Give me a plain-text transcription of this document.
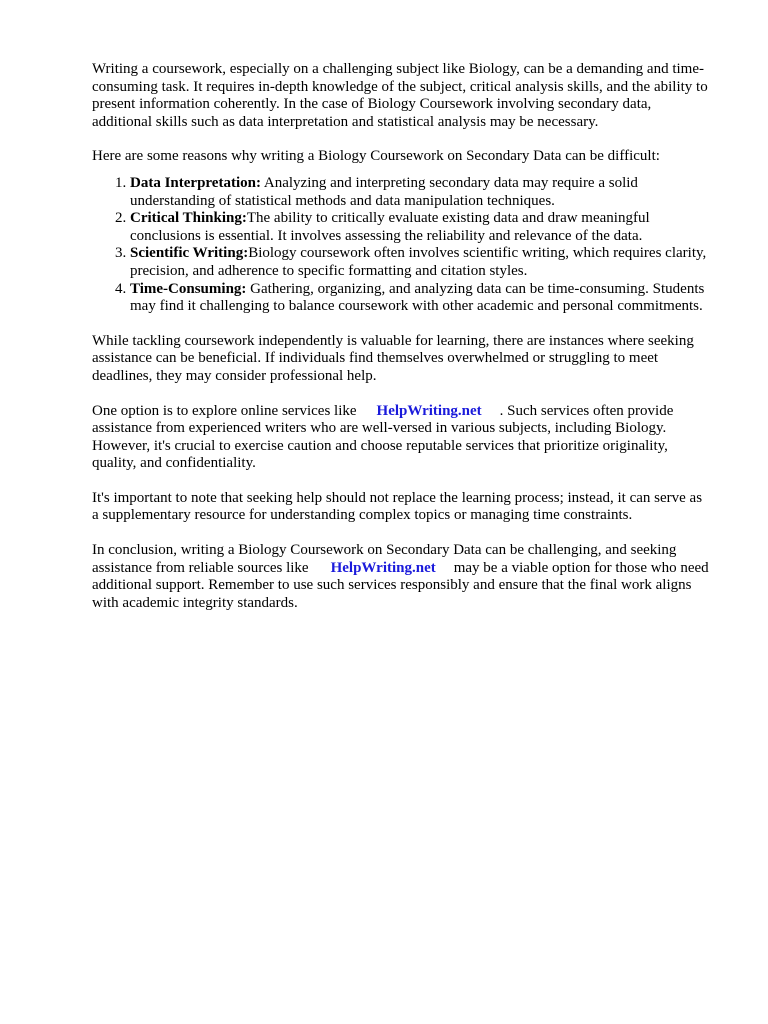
Writing a coursework, especially on a challenging subject like Biology, can be a demanding and time-consuming task. It requires in-depth knowledge of the subject, critical analysis skills, and the ability to present information coherently. In the case of Biology Coursework involving secondary data, additional skills such as data interpretation and statistical analysis may be necessary.

Here are some reasons why writing a Biology Coursework on Secondary Data can be difficult:

1. Data Interpretation: Analyzing and interpreting secondary data may require a solid understanding of statistical methods and data manipulation techniques.
2. Critical Thinking:The ability to critically evaluate existing data and draw meaningful conclusions is essential. It involves assessing the reliability and relevance of the data.
3. Scientific Writing:Biology coursework often involves scientific writing, which requires clarity, precision, and adherence to specific formatting and citation styles.
4. Time-Consuming: Gathering, organizing, and analyzing data can be time-consuming. Students may find it challenging to balance coursework with other academic and personal commitments.

While tackling coursework independently is valuable for learning, there are instances where seeking assistance can be beneficial. If individuals find themselves overwhelmed or struggling to meet deadlines, they may consider professional help.

One option is to explore online services like HelpWriting.net . Such services often provide assistance from experienced writers who are well-versed in various subjects, including Biology. However, it's crucial to exercise caution and choose reputable services that prioritize originality, quality, and confidentiality.

It's important to note that seeking help should not replace the learning process; instead, it can serve as a supplementary resource for understanding complex topics or managing time constraints.

In conclusion, writing a Biology Coursework on Secondary Data can be challenging, and seeking assistance from reliable sources like HelpWriting.net may be a viable option for those who need additional support. Remember to use such services responsibly and ensure that the final work aligns with academic integrity standards.
